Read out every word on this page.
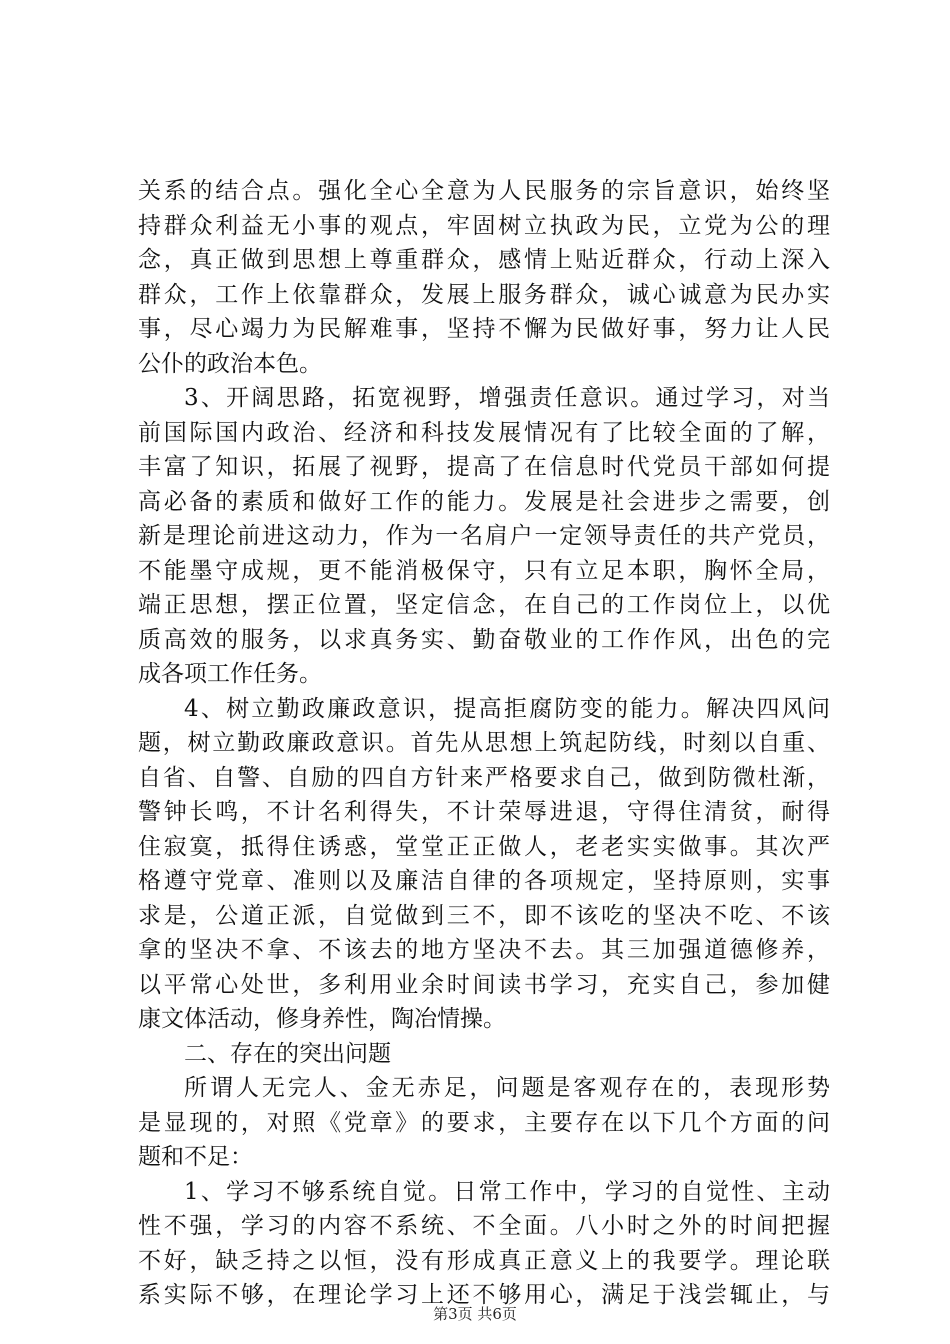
关系的结合点。强化全心全意为人民服务的宗旨意识，始终坚
持群众利益无小事的观点，牢固树立执政为民，立党为公的理
念，真正做到思想上尊重群众，感情上贴近群众，行动上深入
群众，工作上依靠群众，发展上服务群众，诚心诚意为民办实
事，尽心竭力为民解难事，坚持不懈为民做好事，努力让人民
公仆的政治本色。
3、开阔思路，拓宽视野，增强责任意识。通过学习，对当
前国际国内政治、经济和科技发展情况有了比较全面的了解，
丰富了知识，拓展了视野，提高了在信息时代党员干部如何提
高必备的素质和做好工作的能力。发展是社会进步之需要，创
新是理论前进这动力，作为一名肩户一定领导责任的共产党员，
不能墨守成规，更不能消极保守，只有立足本职，胸怀全局，
端正思想，摆正位置，坚定信念，在自己的工作岗位上，以优
质高效的服务，以求真务实、勤奋敬业的工作作风，出色的完
成各项工作任务。
4、树立勤政廉政意识，提高拒腐防变的能力。解决四风问
题，树立勤政廉政意识。首先从思想上筑起防线，时刻以自重、
自省、自警、自励的四自方针来严格要求自己，做到防微杜渐，
警钟长鸣，不计名利得失，不计荣辱进退，守得住清贫，耐得
住寂寞，抵得住诱惑，堂堂正正做人，老老实实做事。其次严
格遵守党章、准则以及廉洁自律的各项规定，坚持原则，实事
求是，公道正派，自觉做到三不，即不该吃的坚决不吃、不该
拿的坚决不拿、不该去的地方坚决不去。其三加强道德修养，
以平常心处世，多利用业余时间读书学习，充实自己，参加健
康文体活动，修身养性，陶冶情操。
二、存在的突出问题
所谓人无完人、金无赤足，问题是客观存在的，表现形势
是显现的，对照《党章》的要求，主要存在以下几个方面的问
题和不足：
1、学习不够系统自觉。日常工作中，学习的自觉性、主动
性不强，学习的内容不系统、不全面。八小时之外的时间把握
不好，缺乏持之以恒，没有形成真正意义上的我要学。理论联
系实际不够，在理论学习上还不够用心，满足于浅尝辄止，与
第3页 共6页
